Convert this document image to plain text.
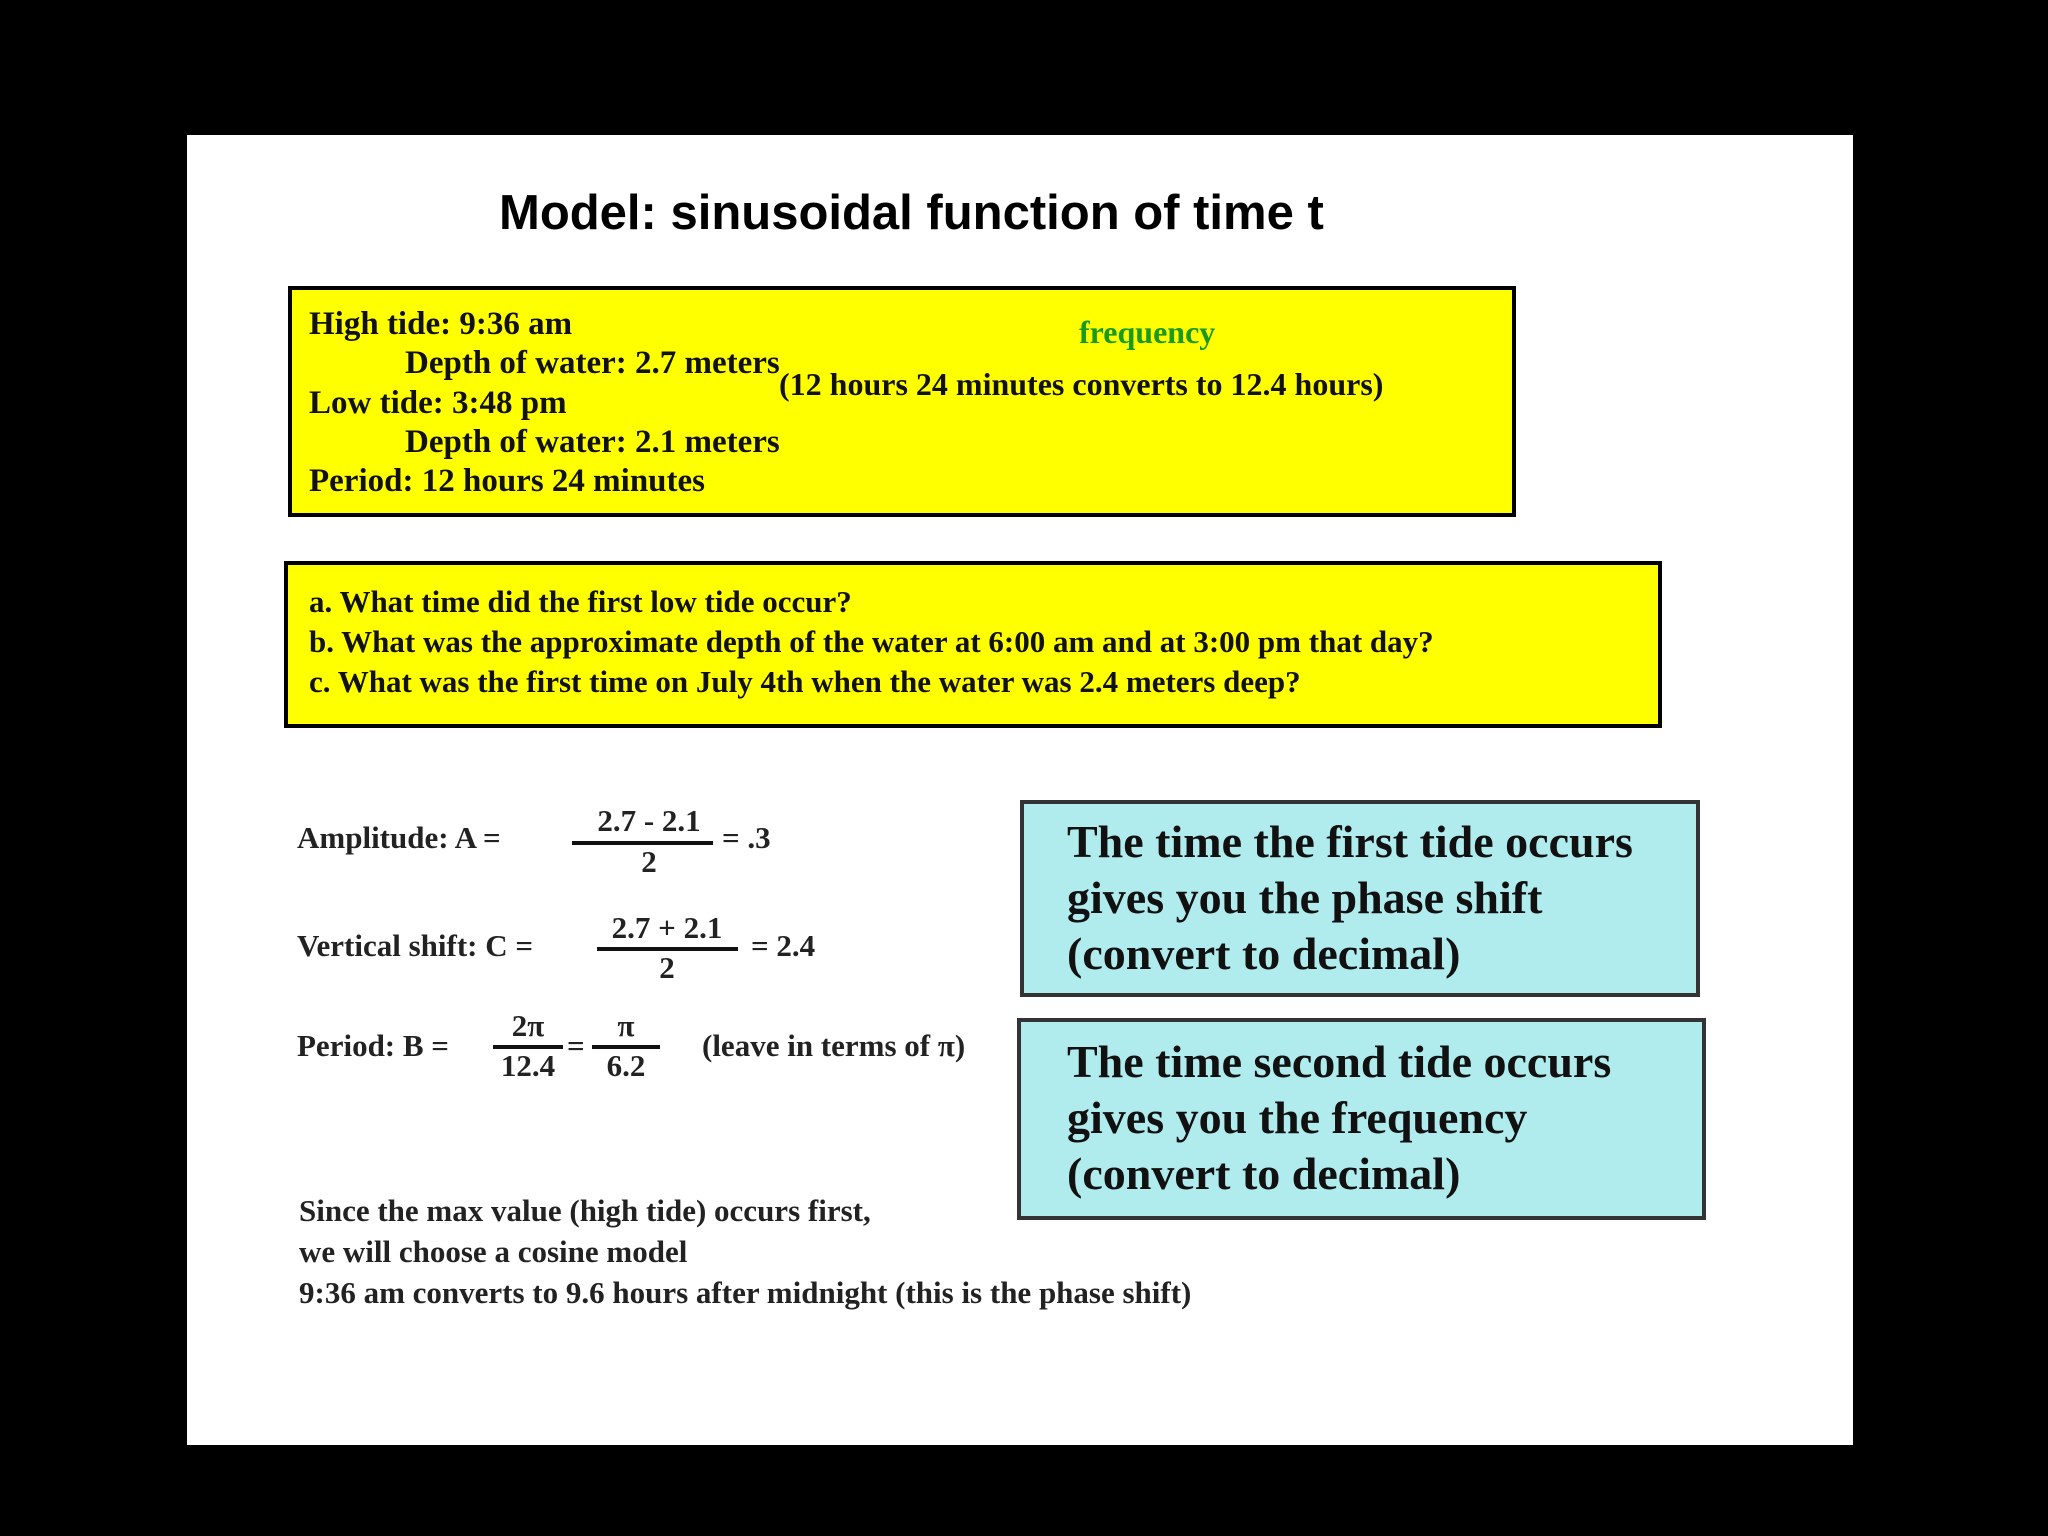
Model: sinusoidal function of time t
High tide: 9:36 am
Depth of water: 2.7 meters
Low tide: 3:48 pm
Depth of water: 2.1 meters
Period: 12 hours 24 minutes
frequency
(12 hours 24 minutes converts to 12.4 hours)
a. What time did the first low tide occur?
b. What was the approximate depth of the water at 6:00 am and at 3:00 pm that day?
c. What was the first time on July 4th when the water was 2.4 meters deep?
Amplitude: A =	2.7 - 2.1
2
= .3
Vertical shift: C =
2.7 + 2.1
2
= 2.4
Period: B =
2π
12.4
=
π
6.2
(leave in terms of π)
The time the first tide occurs
gives you the phase shift
(convert to decimal)
The time second tide occurs
gives you the frequency
(convert to decimal)
Since the max value (high tide) occurs first,
we will choose a cosine model
9:36 am converts to 9.6 hours after midnight (this is the phase shift)
